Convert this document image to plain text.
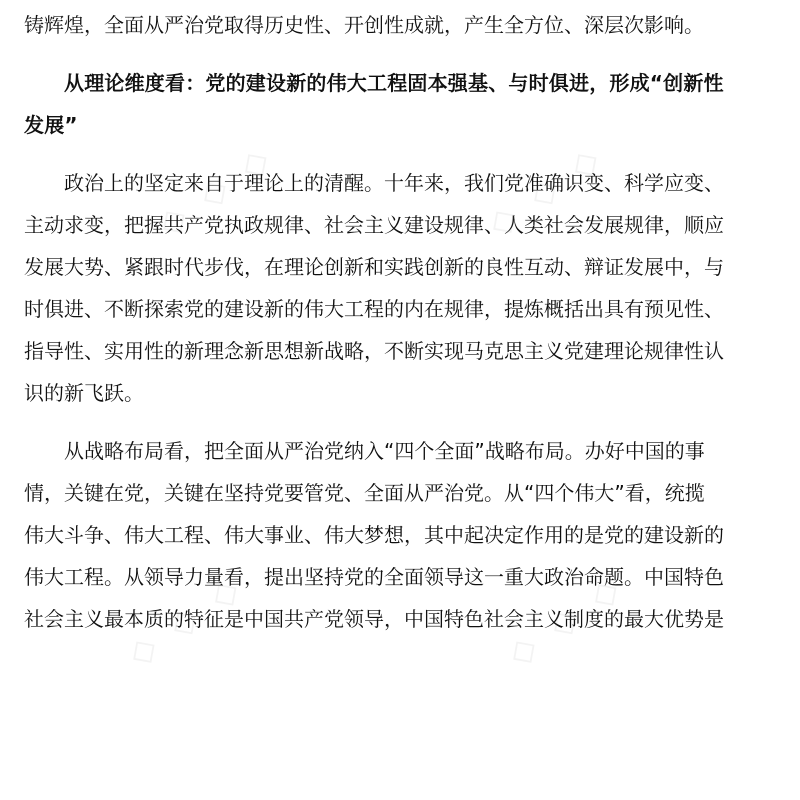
铸辉煌，全面从严治党取得历史性、开创性成就，产生全方位、深层次影响。
从理论维度看：党的建设新的伟大工程固本强基、与时俱进，形成“创新性
发展”
政治上的坚定来自于理论上的清醒。十年来，我们党准确识变、科学应变、
主动求变，把握共产党执政规律、社会主义建设规律、人类社会发展规律，顺应
发展大势、紧跟时代步伐，在理论创新和实践创新的良性互动、辩证发展中，与
时俱进、不断探索党的建设新的伟大工程的内在规律，提炼概括出具有预见性、
指导性、实用性的新理念新思想新战略，不断实现马克思主义党建理论规律性认
识的新飞跃。
从战略布局看，把全面从严治党纳入“四个全面”战略布局。办好中国的事
情，关键在党，关键在坚持党要管党、全面从严治党。从“四个伟大”看，统揽
伟大斗争、伟大工程、伟大事业、伟大梦想，其中起决定作用的是党的建设新的
伟大工程。从领导力量看，提出坚持党的全面领导这一重大政治命题。中国特色
社会主义最本质的特征是中国共产党领导，中国特色社会主义制度的最大优势是
◇ ◇ ◇	◇ ◇ ◇
◇ ◇ ◇	◇ ◇ ◇
